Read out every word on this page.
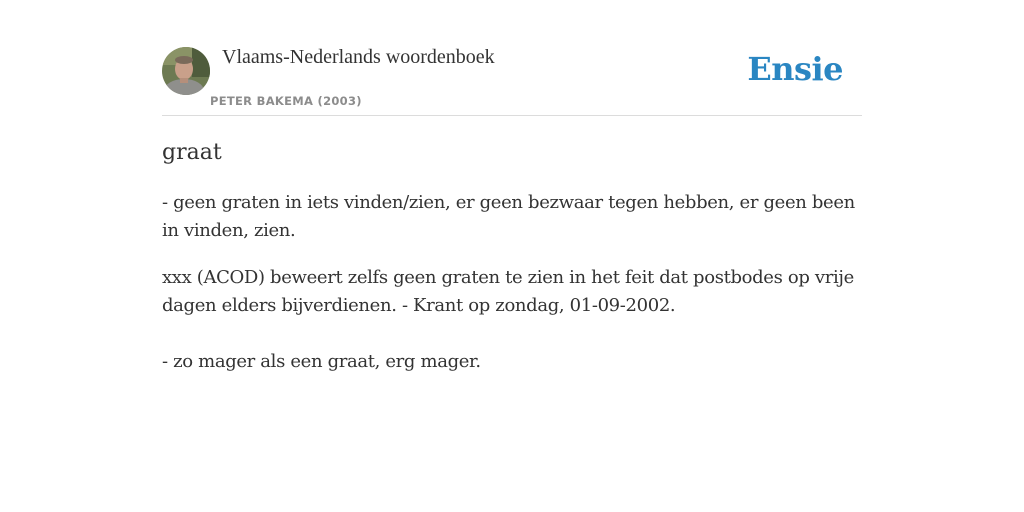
Vlaams-Nederlands woordenboek
PETER BAKEMA (2003)
Ensie
graat

- geen graten in iets vinden/zien, er geen bezwaar tegen hebben, er geen been in vinden, zien.

xxx (ACOD) beweert zelfs geen graten te zien in het feit dat postbodes op vrije dagen elders bijverdienen. - Krant op zondag, 01-09-2002.

- zo mager als een graat, erg mager.
